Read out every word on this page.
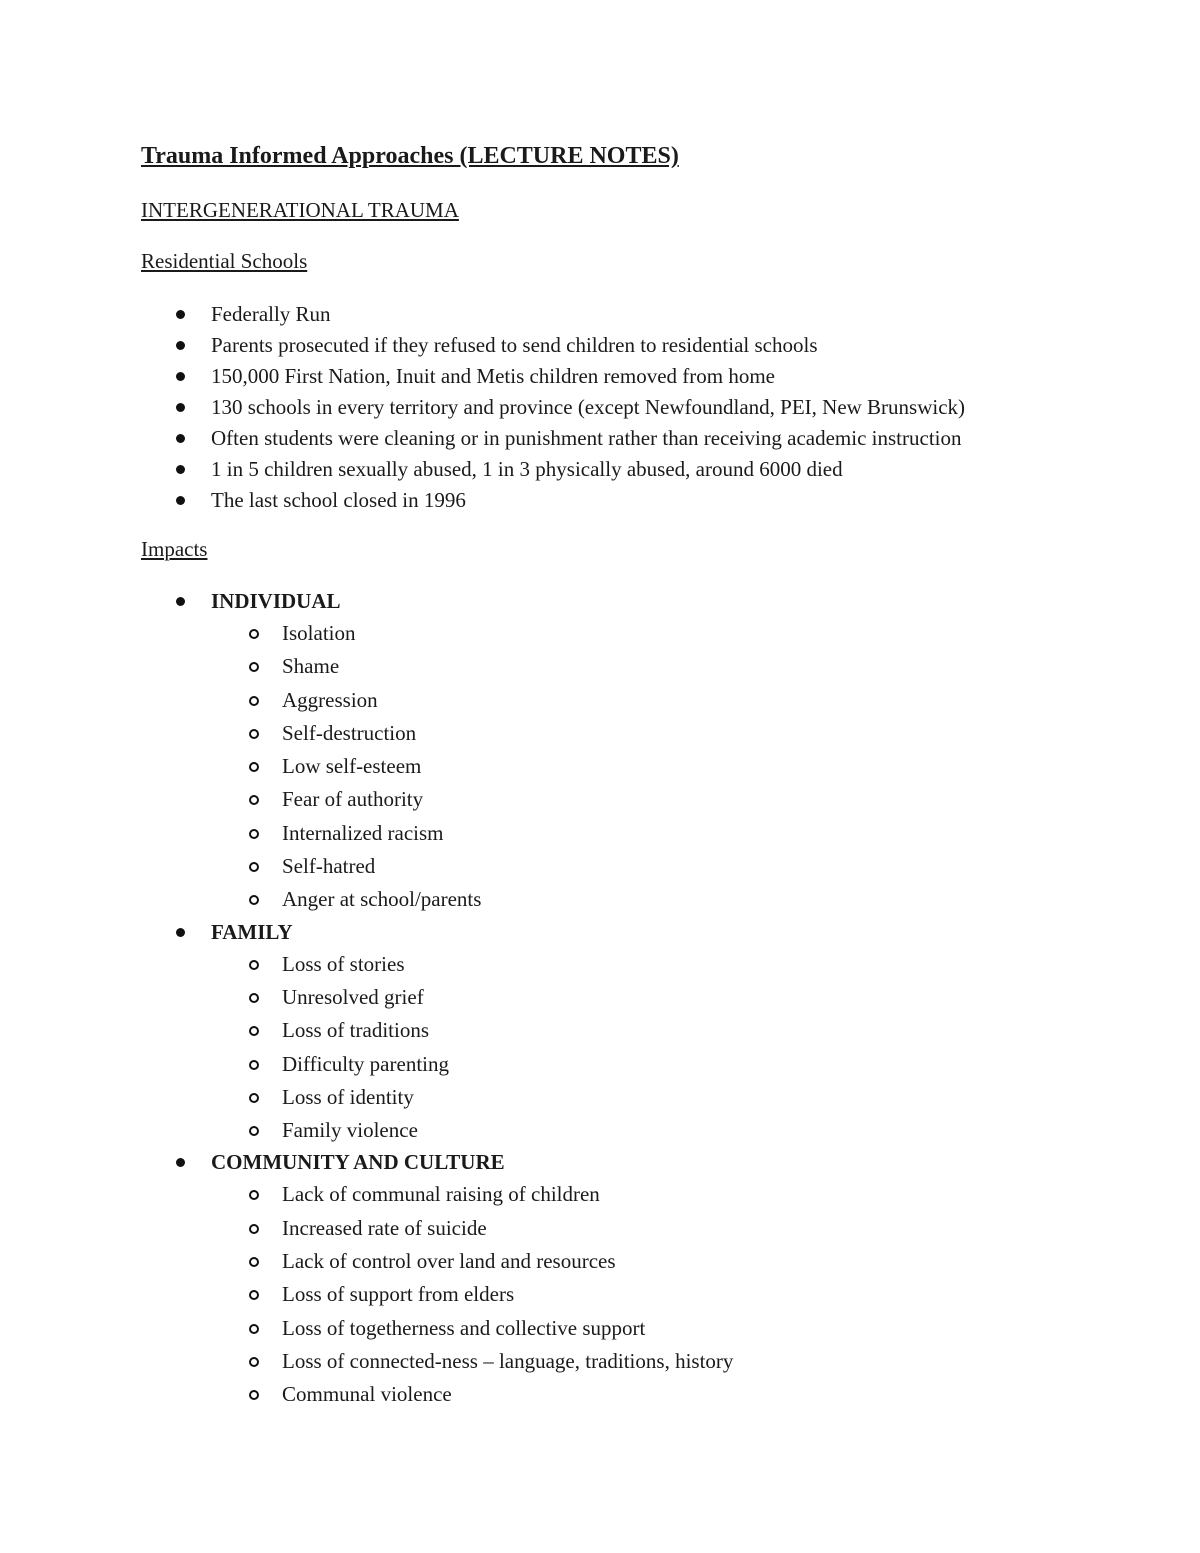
Trauma Informed Approaches (LECTURE NOTES)
INTERGENERATIONAL TRAUMA
Residential Schools
Federally Run
Parents prosecuted if they refused to send children to residential schools
150,000 First Nation, Inuit and Metis children removed from home
130 schools in every territory and province (except Newfoundland, PEI, New Brunswick)
Often students were cleaning or in punishment rather than receiving academic instruction
1 in 5 children sexually abused, 1 in 3 physically abused, around 6000 died
The last school closed in 1996
Impacts
INDIVIDUAL
Isolation
Shame
Aggression
Self-destruction
Low self-esteem
Fear of authority
Internalized racism
Self-hatred
Anger at school/parents
FAMILY
Loss of stories
Unresolved grief
Loss of traditions
Difficulty parenting
Loss of identity
Family violence
COMMUNITY AND CULTURE
Lack of communal raising of children
Increased rate of suicide
Lack of control over land and resources
Loss of support from elders
Loss of togetherness and collective support
Loss of connected-ness – language, traditions, history
Communal violence
